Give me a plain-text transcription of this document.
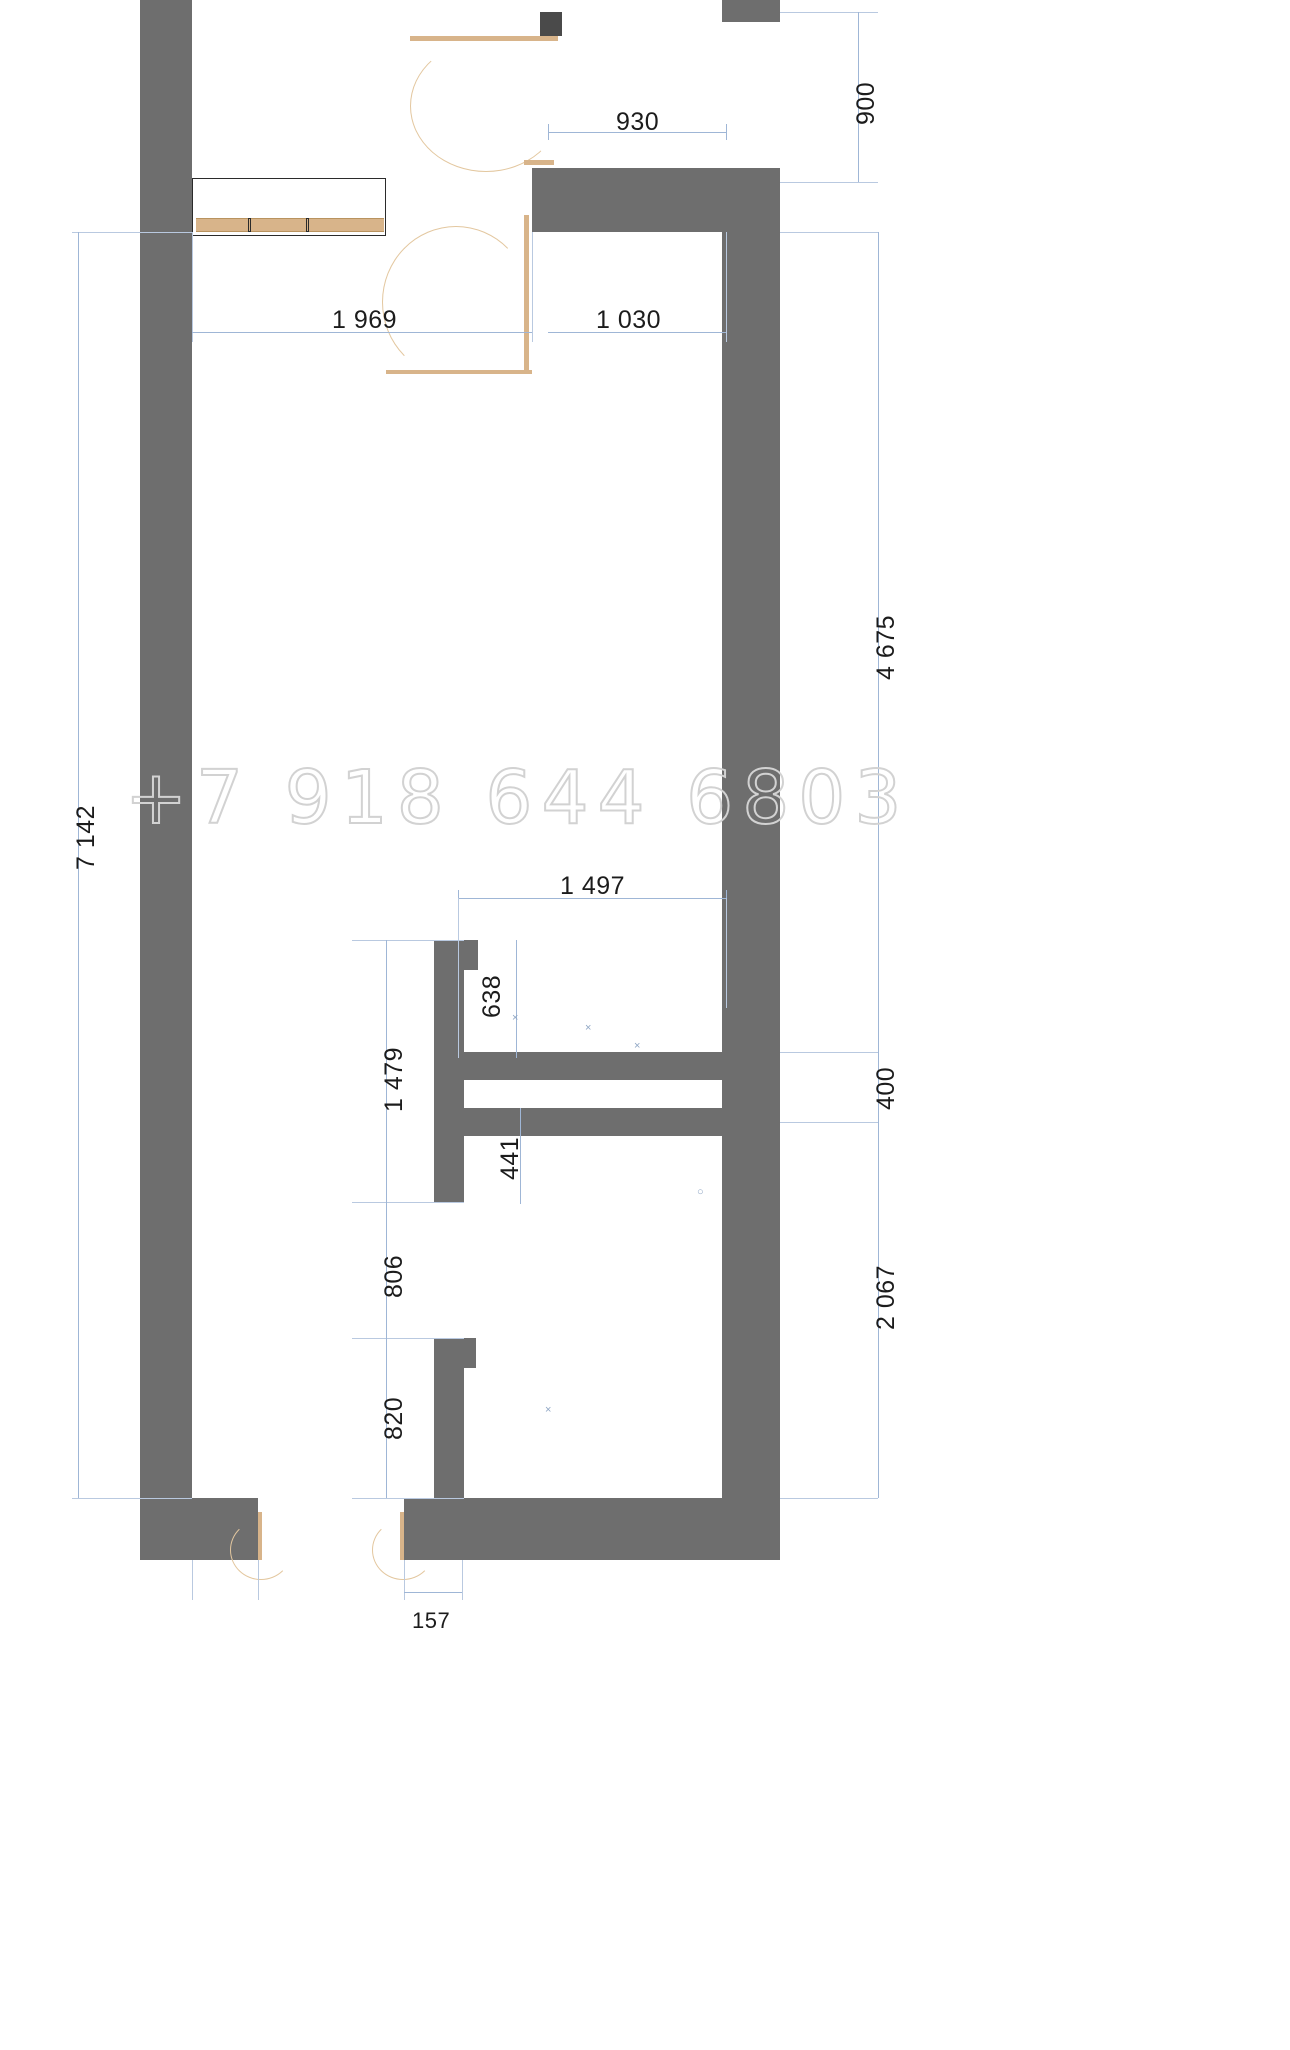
900
930
1 969	1 030
4 675
7 142
1 497
638
441
1 479
806
820
400
2 067
157
×
×
×
○
×
+7 918 644 6803
